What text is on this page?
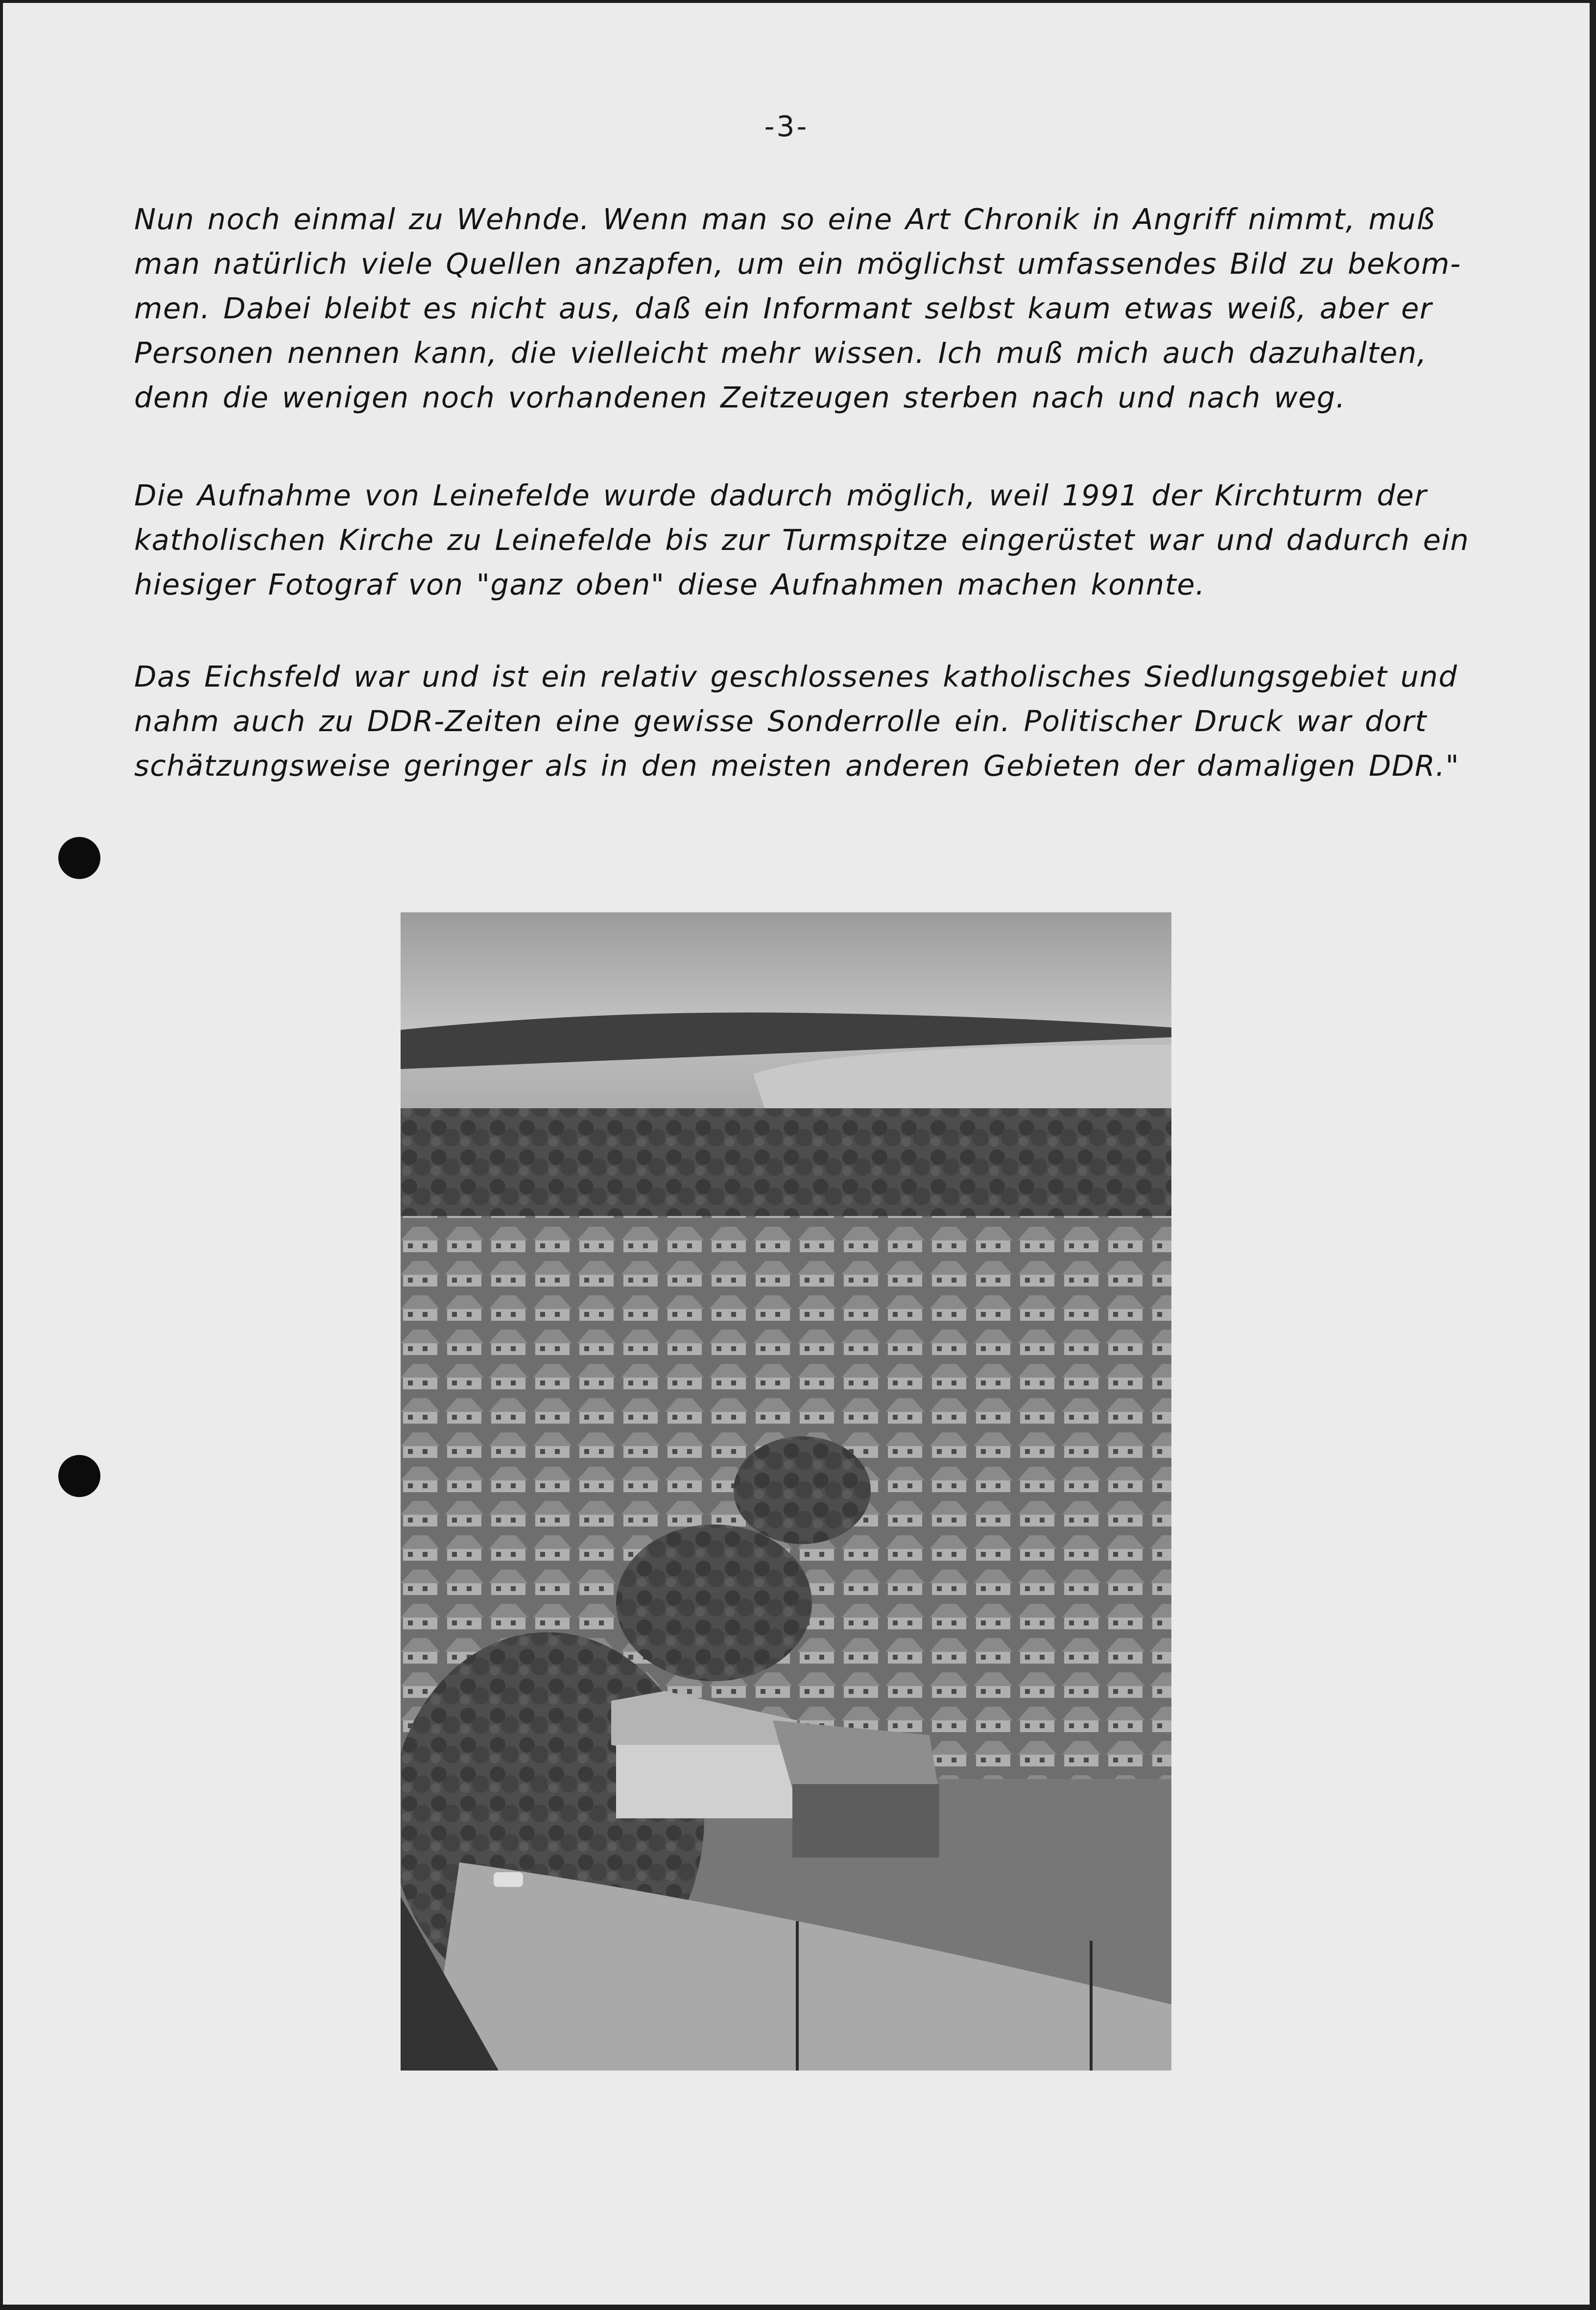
-3-
Nun noch einmal zu Wehnde. Wenn man so eine Art Chronik in Angriff nimmt, muß
man natürlich viele Quellen anzapfen, um ein möglichst umfassendes Bild zu bekom-
men. Dabei bleibt es nicht aus, daß ein Informant selbst kaum etwas weiß, aber er
Personen nennen kann, die vielleicht mehr wissen. Ich muß mich auch dazuhalten,
denn die wenigen noch vorhandenen Zeitzeugen sterben nach und nach weg.
Die Aufnahme von Leinefelde wurde dadurch möglich, weil 1991 der Kirchturm der
katholischen Kirche zu Leinefelde bis zur Turmspitze eingerüstet war und dadurch ein
hiesiger Fotograf von "ganz oben" diese Aufnahmen machen konnte.
Das Eichsfeld war und ist ein relativ geschlossenes katholisches Siedlungsgebiet und
nahm auch zu DDR-Zeiten eine gewisse Sonderrolle ein. Politischer Druck war dort
schätzungsweise geringer als in den meisten anderen Gebieten der damaligen DDR."
